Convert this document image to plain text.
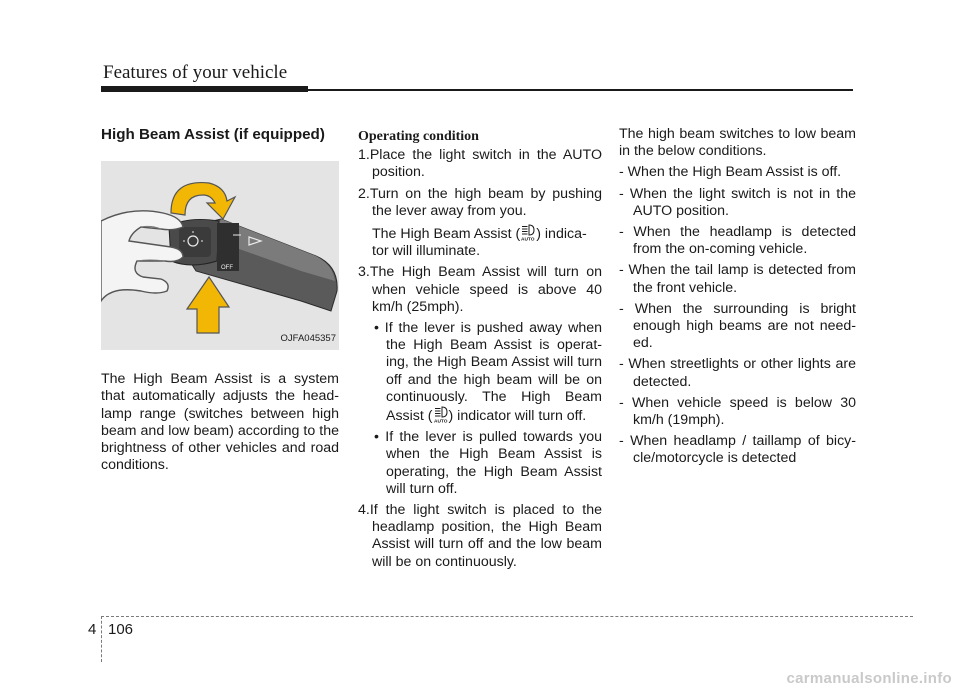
Features of your vehicle
High Beam Assist (if equipped)
OFF
OJFA045357

The High Beam Assist is a system that automatically adjusts the head-lamp range (switches between high beam and low beam) according to the brightness of other vehicles and road conditions.

Operating condition

1.Place the light switch in the AUTO position.

2.Turn on the high beam by pushing the lever away from you.

The High Beam Assist ( AUTO ) indica-tor will illuminate.

3.The High Beam Assist will turn on when vehicle speed is above 40 km/h (25mph).

• If the lever is pushed away when the High Beam Assist is operat-ing, the High Beam Assist will turn off and the high beam will be on continuously. The High Beam Assist ( AUTO ) indicator will turn off.

• If the lever is pulled towards you when the High Beam Assist is operating, the High Beam Assist will turn off.

4.If the light switch is placed to the headlamp position, the High Beam Assist will turn off and the low beam will be on continuously.

The high beam switches to low beam in the below conditions.

- When the High Beam Assist is off.

- When the light switch is not in the AUTO position.

- When the headlamp is detected from the on-coming vehicle.

- When the tail lamp is detected from the front vehicle.

- When the surrounding is bright enough high beams are not need-ed.

- When streetlights or other lights are detected.

- When vehicle speed is below 30 km/h (19mph).

- When headlamp / taillamp of bicy-cle/motorcycle is detected

4 106
carmanualsonline.info
